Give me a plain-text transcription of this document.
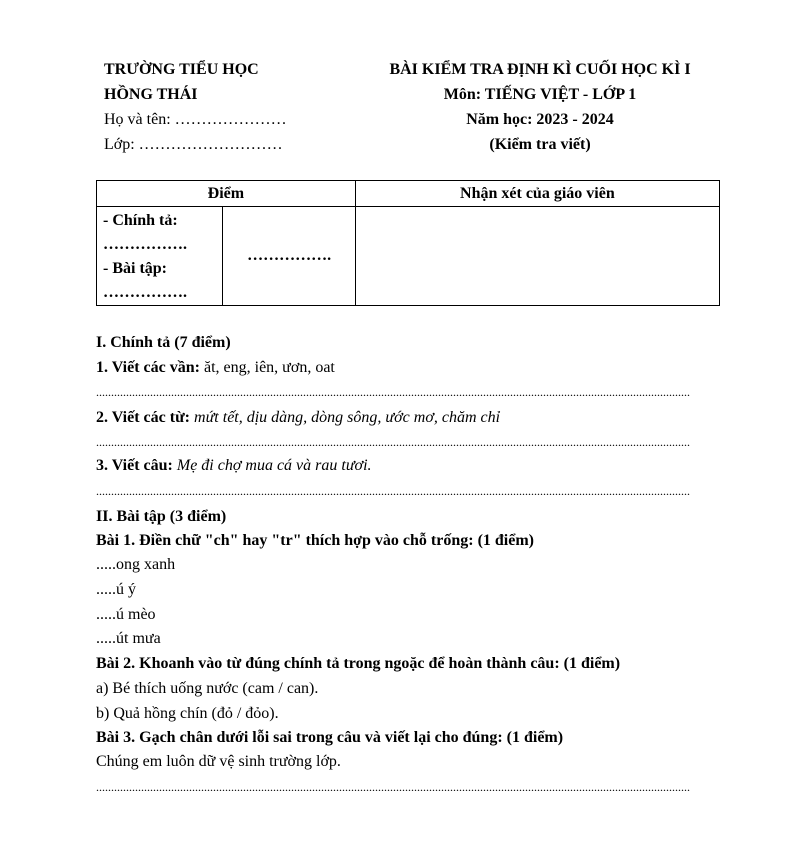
TRƯỜNG TIỂU HỌC
HỒNG THÁI
Họ và tên: …………………
Lớp: ………………………
BÀI KIỂM TRA ĐỊNH KÌ CUỐI HỌC KÌ I
Môn: TIẾNG VIỆT - LỚP 1
Năm học: 2023 - 2024
(Kiểm tra viết)
Điểm		Nhận xét của giáo viên

- Chính tả:
…………….
- Bài tập:
…………….	…………….	
I. Chính tả (7 điểm)
1. Viết các vần: ăt, eng, iên, ươn, oat
......................................................................................................................................................................................................
2. Viết các từ: mứt tết, dịu dàng, dòng sông, ước mơ, chăm chỉ
......................................................................................................................................................................................................
3. Viết câu: Mẹ đi chợ mua cá và rau tươi.
......................................................................................................................................................................................................
II. Bài tập (3 điểm)
Bài 1. Điền chữ "ch" hay "tr" thích hợp vào chỗ trống: (1 điểm)
.....ong xanh
.....ú ý
.....ú mèo
.....út mưa
Bài 2. Khoanh vào từ đúng chính tả trong ngoặc để hoàn thành câu: (1 điểm)
a) Bé thích uống nước (cam / can).
b) Quả hồng chín (đỏ / đỏo).
Bài 3. Gạch chân dưới lỗi sai trong câu và viết lại cho đúng: (1 điểm)
Chúng em luôn dữ vệ sinh trường lớp.
......................................................................................................................................................................................................
